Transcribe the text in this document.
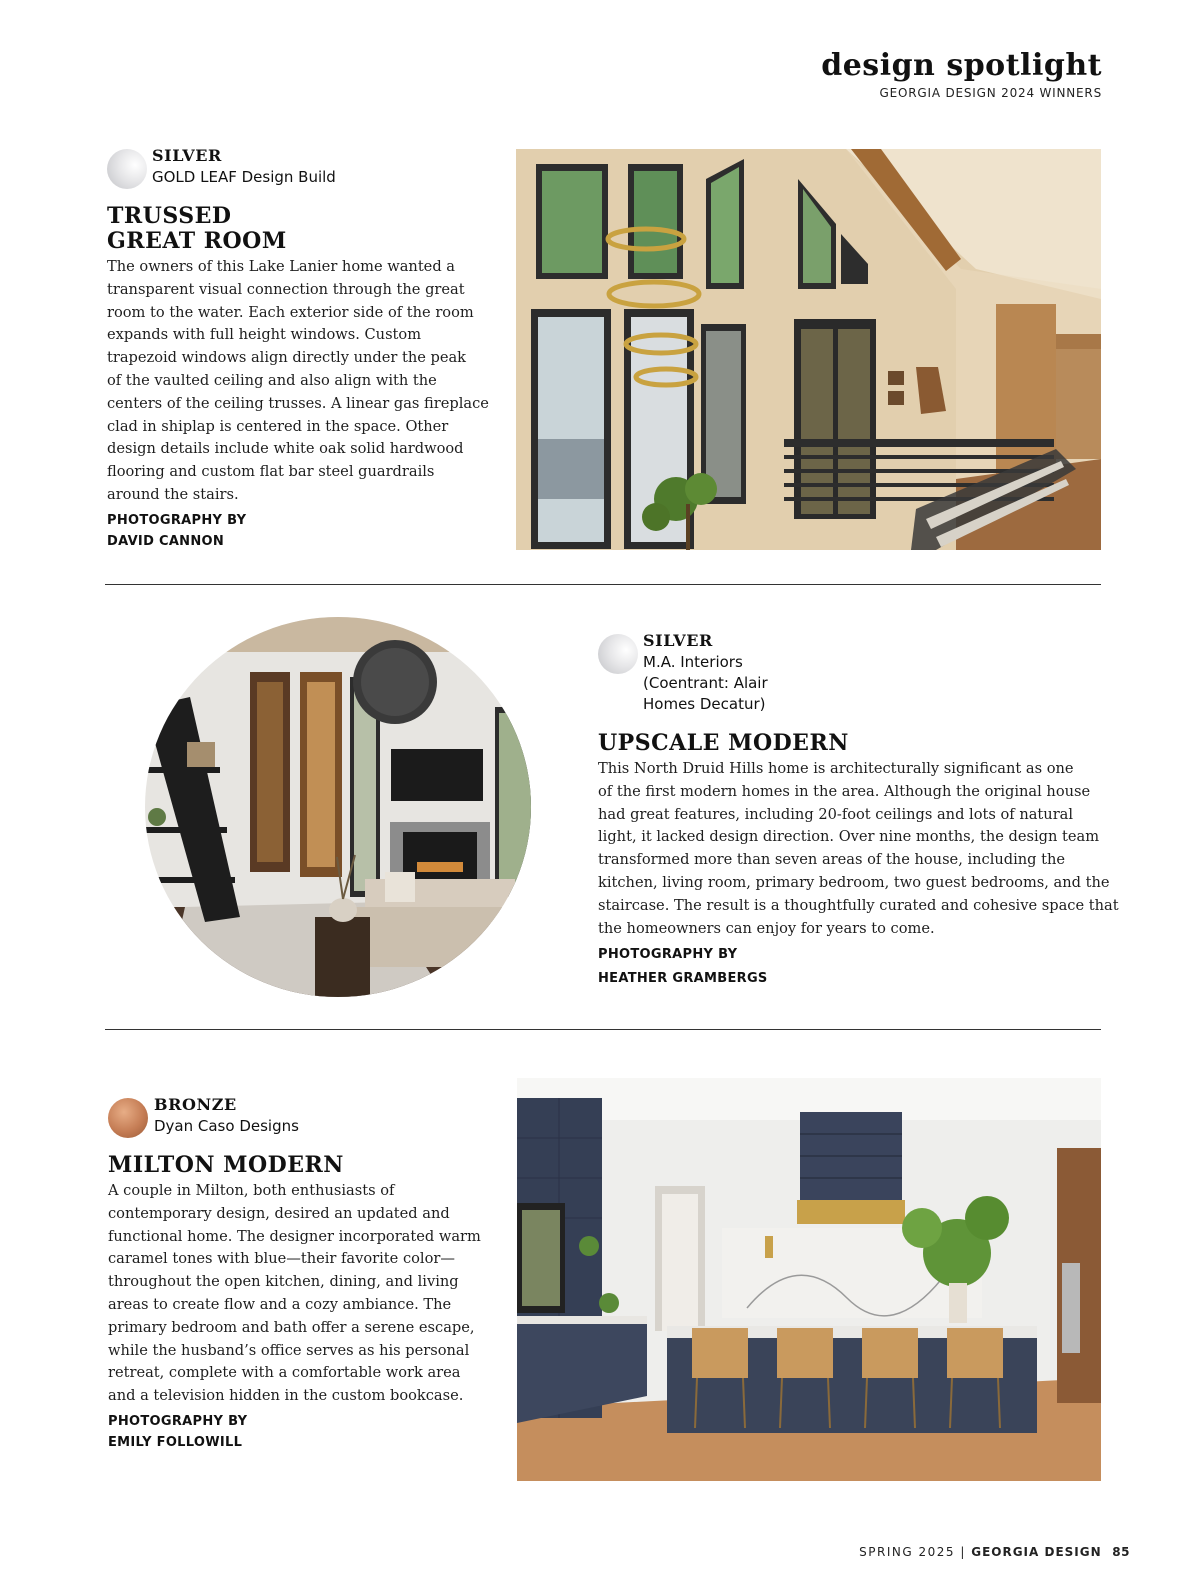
design spotlight
GEORGIA DESIGN 2024 WINNERS
SILVER
GOLD LEAF Design Build
TRUSSED
GREAT ROOM
The owners of this Lake Lanier home wanted a
transparent visual connection through the great
room to the water. Each exterior side of the room
expands with full height windows. Custom
trapezoid windows align directly under the peak
of the vaulted ceiling and also align with the
centers of the ceiling trusses. A linear gas fireplace
clad in shiplap is centered in the space. Other
design details include white oak solid hardwood
flooring and custom flat bar steel guardrails
around the stairs.
PHOTOGRAPHY BY
DAVID CANNON
SILVER
M.A. Interiors
(Coentrant: Alair
Homes Decatur)
UPSCALE MODERN
This North Druid Hills home is architecturally significant as one
of the first modern homes in the area. Although the original house
had great features, including 20-foot ceilings and lots of natural
light, it lacked design direction. Over nine months, the design team
transformed more than seven areas of the house, including the
kitchen, living room, primary bedroom, two guest bedrooms, and the
staircase. The result is a thoughtfully curated and cohesive space that
the homeowners can enjoy for years to come.
PHOTOGRAPHY BY
HEATHER GRAMBERGS
BRONZE
Dyan Caso Designs
MILTON MODERN
A couple in Milton, both enthusiasts of
contemporary design, desired an updated and
functional home. The designer incorporated warm
caramel tones with blue—their favorite color—
throughout the open kitchen, dining, and living
areas to create flow and a cozy ambiance. The
primary bedroom and bath offer a serene escape,
while the husband’s office serves as his personal
retreat, complete with a comfortable work area
and a television hidden in the custom bookcase.
PHOTOGRAPHY BY
EMILY FOLLOWILL
SPRING 2025 | GEORGIA DESIGN 85
